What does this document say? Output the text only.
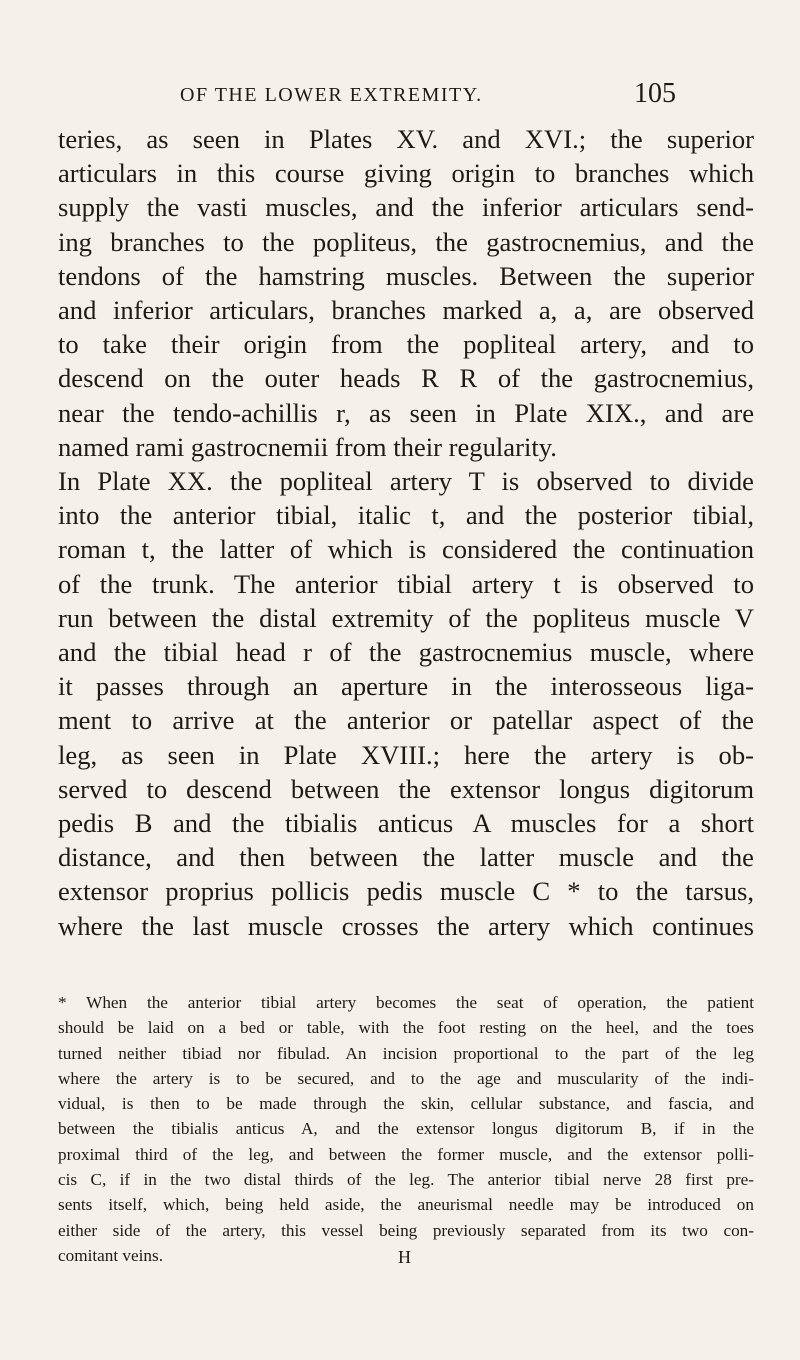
OF THE LOWER EXTREMITY.	105

teries, as seen in Plates XV. and XVI.; the superior
articulars in this course giving origin to branches which
supply the vasti muscles, and the inferior articulars send-
ing branches to the popliteus, the gastrocnemius, and the
tendons of the hamstring muscles. Between the superior
and inferior articulars, branches marked a, a, are observed
to take their origin from the popliteal artery, and to
descend on the outer heads R R of the gastrocnemius,
near the tendo-achillis r, as seen in Plate XIX., and are
named rami gastrocnemii from their regularity.

In Plate XX. the popliteal artery T is observed to divide
into the anterior tibial, italic t, and the posterior tibial,
roman t, the latter of which is considered the continuation
of the trunk. The anterior tibial artery t is observed to
run between the distal extremity of the popliteus muscle V
and the tibial head r of the gastrocnemius muscle, where
it passes through an aperture in the interosseous liga-
ment to arrive at the anterior or patellar aspect of the
leg, as seen in Plate XVIII.; here the artery is ob-
served to descend between the extensor longus digitorum
pedis B and the tibialis anticus A muscles for a short
distance, and then between the latter muscle and the
extensor proprius pollicis pedis muscle C * to the tarsus,
where the last muscle crosses the artery which continues

* When the anterior tibial artery becomes the seat of operation, the patient
should be laid on a bed or table, with the foot resting on the heel, and the toes
turned neither tibiad nor fibulad. An incision proportional to the part of the leg
where the artery is to be secured, and to the age and muscularity of the indi-
vidual, is then to be made through the skin, cellular substance, and fascia, and
between the tibialis anticus A, and the extensor longus digitorum B, if in the
proximal third of the leg, and between the former muscle, and the extensor polli-
cis C, if in the two distal thirds of the leg. The anterior tibial nerve 28 first pre-
sents itself, which, being held aside, the aneurismal needle may be introduced on
either side of the artery, this vessel being previously separated from its two con-
comitant veins.	H
